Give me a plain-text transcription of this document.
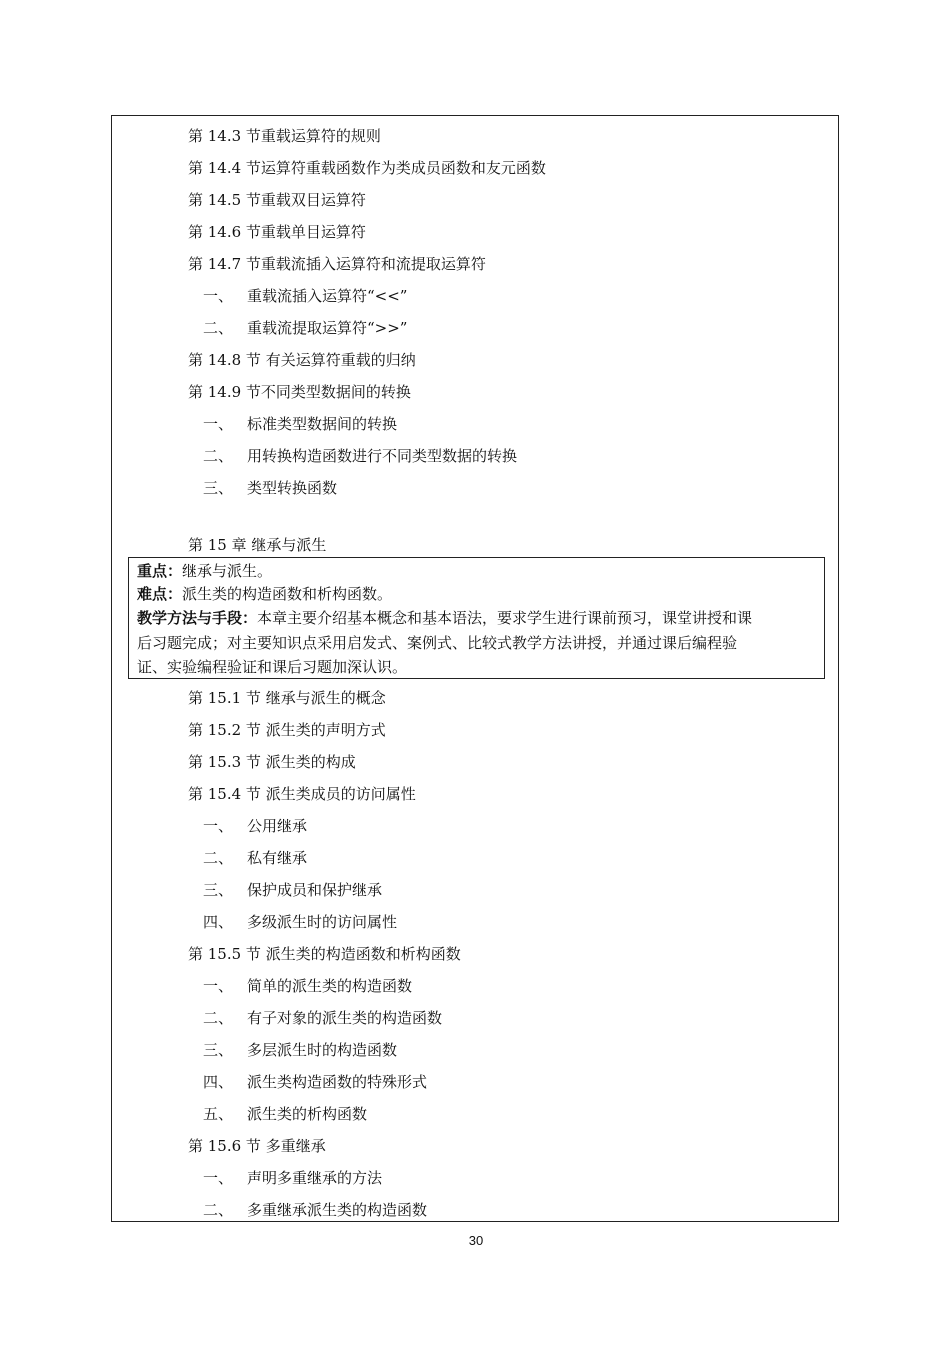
第 14.3 节重载运算符的规则
第 14.4 节运算符重载函数作为类成员函数和友元函数
第 14.5 节重载双目运算符
第 14.6 节重载单目运算符
第 14.7 节重载流插入运算符和流提取运算符
一、 重载流插入运算符“<<”
二、 重载流提取运算符“>>”
第 14.8 节 有关运算符重载的归纳
第 14.9 节不同类型数据间的转换
一、 标准类型数据间的转换
二、 用转换构造函数进行不同类型数据的转换
三、 类型转换函数
第 15 章 继承与派生
重点：继承与派生。
难点：派生类的构造函数和析构函数。
教学方法与手段：本章主要介绍基本概念和基本语法，要求学生进行课前预习，课堂讲授和课
后习题完成；对主要知识点采用启发式、案例式、比较式教学方法讲授，并通过课后编程验
证、实验编程验证和课后习题加深认识。
第 15.1 节 继承与派生的概念
第 15.2 节 派生类的声明方式
第 15.3 节 派生类的构成
第 15.4 节 派生类成员的访问属性
一、 公用继承
二、 私有继承
三、 保护成员和保护继承
四、 多级派生时的访问属性
第 15.5 节 派生类的构造函数和析构函数
一、 简单的派生类的构造函数
二、 有子对象的派生类的构造函数
三、 多层派生时的构造函数
四、 派生类构造函数的特殊形式
五、 派生类的析构函数
第 15.6 节 多重继承
一、 声明多重继承的方法
二、 多重继承派生类的构造函数
30
